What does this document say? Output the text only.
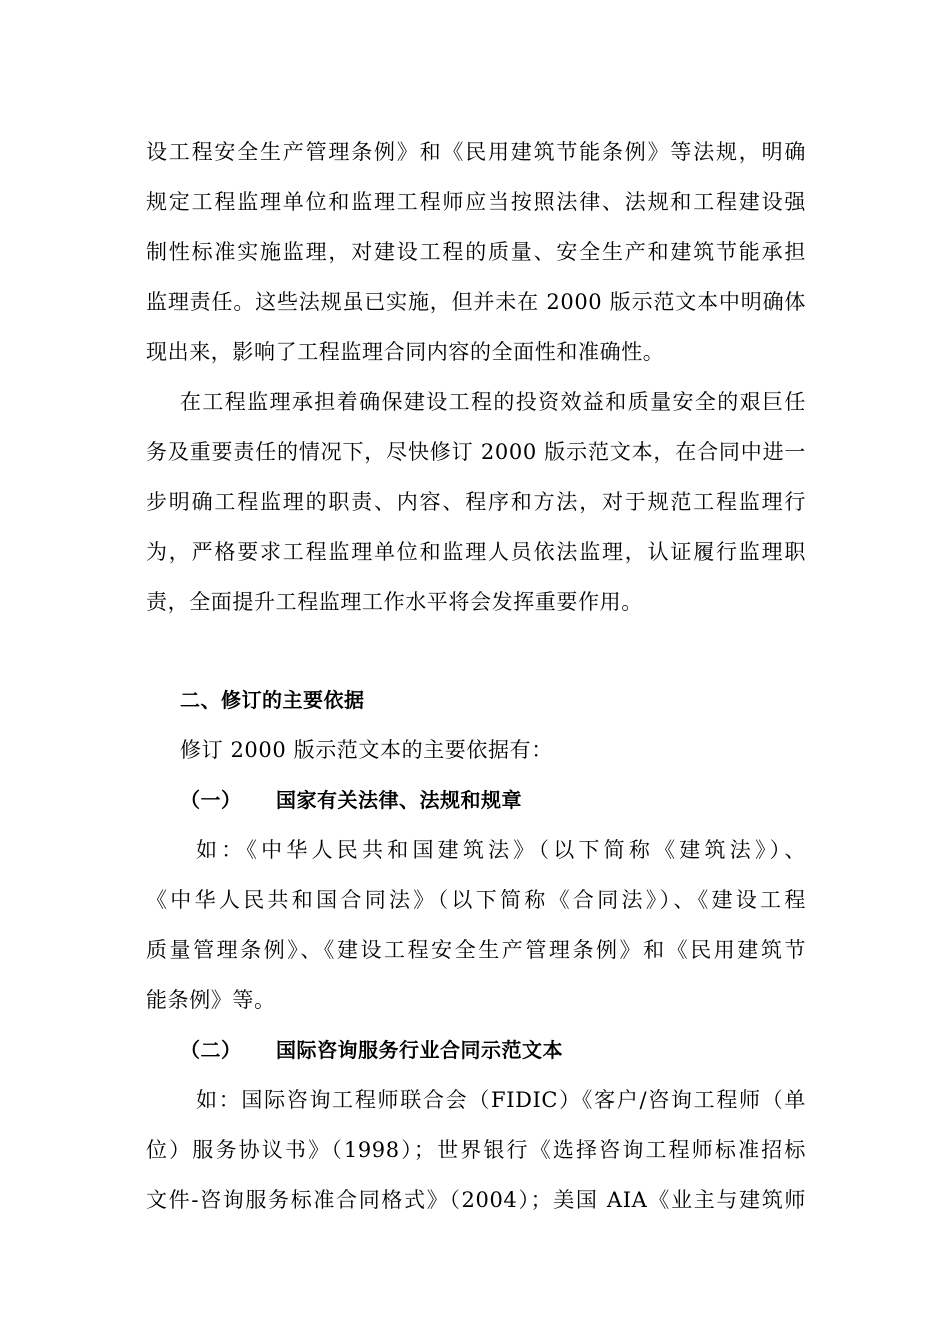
设工程安全生产管理条例》和《民用建筑节能条例》等法规，明确
规定工程监理单位和监理工程师应当按照法律、法规和工程建设强
制性标准实施监理，对建设工程的质量、安全生产和建筑节能承担
监理责任。这些法规虽已实施，但并未在 2000 版示范文本中明确体
现出来，影响了工程监理合同内容的全面性和准确性。
在工程监理承担着确保建设工程的投资效益和质量安全的艰巨任
务及重要责任的情况下，尽快修订 2000 版示范文本，在合同中进一
步明确工程监理的职责、内容、程序和方法，对于规范工程监理行
为，严格要求工程监理单位和监理人员依法监理，认证履行监理职
责，全面提升工程监理工作水平将会发挥重要作用。
二、修订的主要依据
修订 2000 版示范文本的主要依据有：
（一） 国家有关法律、法规和规章
如：《中华人民共和国建筑法》（以下简称《建筑法》）、
《中华人民共和国合同法》（以下简称《合同法》）、《建设工程
质量管理条例》、《建设工程安全生产管理条例》和《民用建筑节
能条例》等。
（二） 国际咨询服务行业合同示范文本
如：国际咨询工程师联合会（FIDIC）《客户/咨询工程师（单
位）服务协议书》（1998）；世界银行《选择咨询工程师标准招标
文件-咨询服务标准合同格式》（2004）；美国 AIA《业主与建筑师
